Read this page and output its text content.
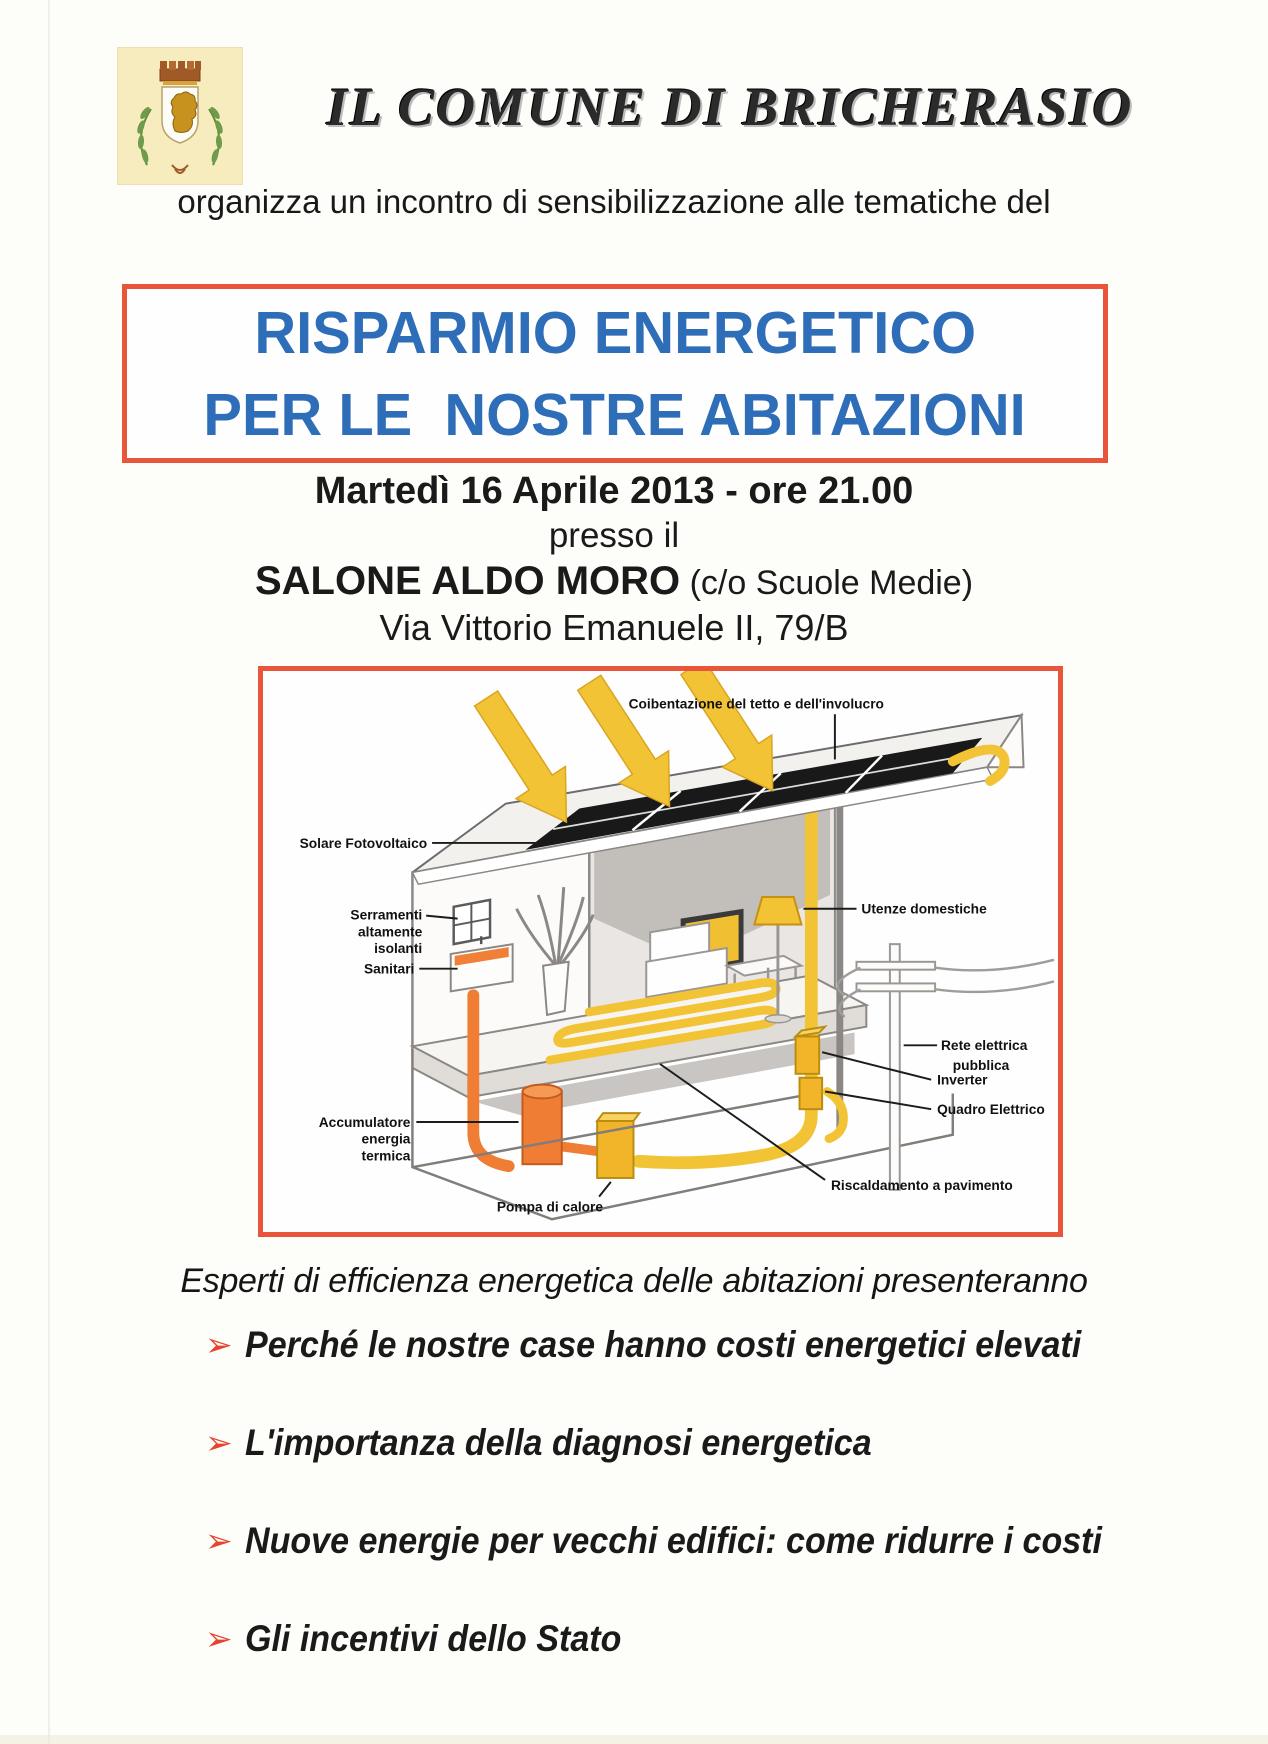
IL COMUNE DI BRICHERASIO
organizza un incontro di sensibilizzazione alle tematiche del
RISPARMIO ENERGETICO
PER LE  NOSTRE ABITAZIONI
Martedì 16 Aprile 2013 - ore 21.00
presso il
SALONE ALDO MORO (c/o Scuole Medie)
Via Vittorio Emanuele II, 79/B
Coibentazione del tetto e dell'involucro
Solare Fotovoltaico
Serramenti
altamente
isolanti
Sanitari
Utenze domestiche
Rete elettrica
pubblica
Inverter
Quadro Elettrico
Accumulatore
energia
termica
Pompa di calore
Riscaldamento a pavimento
Esperti di efficienza energetica delle abitazioni presenteranno
➢ Perché le nostre case hanno costi energetici elevati
➢ L'importanza della diagnosi energetica
➢ Nuove energie per vecchi edifici: come ridurre i costi
➢ Gli incentivi dello Stato
